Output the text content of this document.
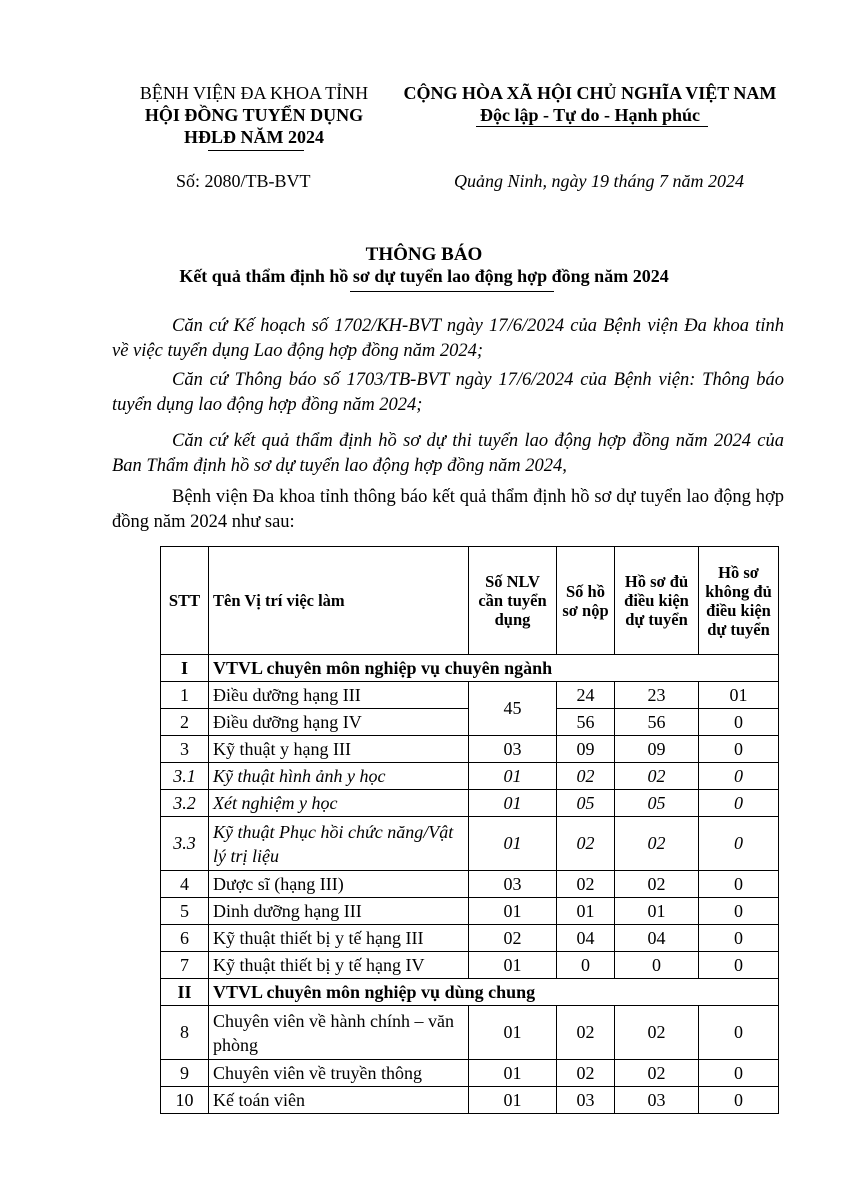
BỆNH VIỆN ĐA KHOA TỈNH
HỘI ĐỒNG TUYỂN DỤNG
HĐLĐ NĂM 2024
CỘNG HÒA XÃ HỘI CHỦ NGHĨA VIỆT NAM
Độc lập - Tự do - Hạnh phúc
Số: 2080/TB-BVT	Quảng Ninh, ngày 19 tháng 7 năm 2024
THÔNG BÁO
Kết quả thẩm định hồ sơ dự tuyển lao động hợp đồng năm 2024
Căn cứ Kế hoạch số 1702/KH-BVT ngày 17/6/2024 của Bệnh viện Đa khoa tỉnh về việc tuyển dụng Lao động hợp đồng năm 2024;
Căn cứ Thông báo số 1703/TB-BVT ngày 17/6/2024 của Bệnh viện: Thông báo tuyển dụng lao động hợp đồng năm 2024;
Căn cứ kết quả thẩm định hồ sơ dự thi tuyển lao động hợp đồng năm 2024 của Ban Thẩm định hồ sơ dự tuyển lao động hợp đồng năm 2024,
Bệnh viện Đa khoa tỉnh thông báo kết quả thẩm định hồ sơ dự tuyển lao động hợp đồng năm 2024 như sau:
STT	Tên Vị trí việc làm	Số NLV cần tuyển dụng	Số hồ sơ nộp	Hồ sơ đủ điều kiện dự tuyển	Hồ sơ không đủ điều kiện dự tuyển
I	VTVL chuyên môn nghiệp vụ chuyên ngành				
1	Điều dưỡng hạng III	45	24	23	01
2	Điều dưỡng hạng IV		56	56	0
3	Kỹ thuật y hạng III	03	09	09	0
3.1	Kỹ thuật hình ảnh y học	01	02	02	0
3.2	Xét nghiệm y học	01	05	05	0
3.3	Kỹ thuật Phục hồi chức năng/Vật lý trị liệu	01	02	02	0
4	Dược sĩ (hạng III)	03	02	02	0
5	Dinh dưỡng hạng III	01	01	01	0
6	Kỹ thuật thiết bị y tế hạng III	02	04	04	0
7	Kỹ thuật thiết bị y tế hạng IV	01	0	0	0
II	VTVL chuyên môn nghiệp vụ dùng chung				
8	Chuyên viên về hành chính – văn phòng	01	02	02	0
9	Chuyên viên về truyền thông	01	02	02	0
10	Kế toán viên	01	03	03	0
